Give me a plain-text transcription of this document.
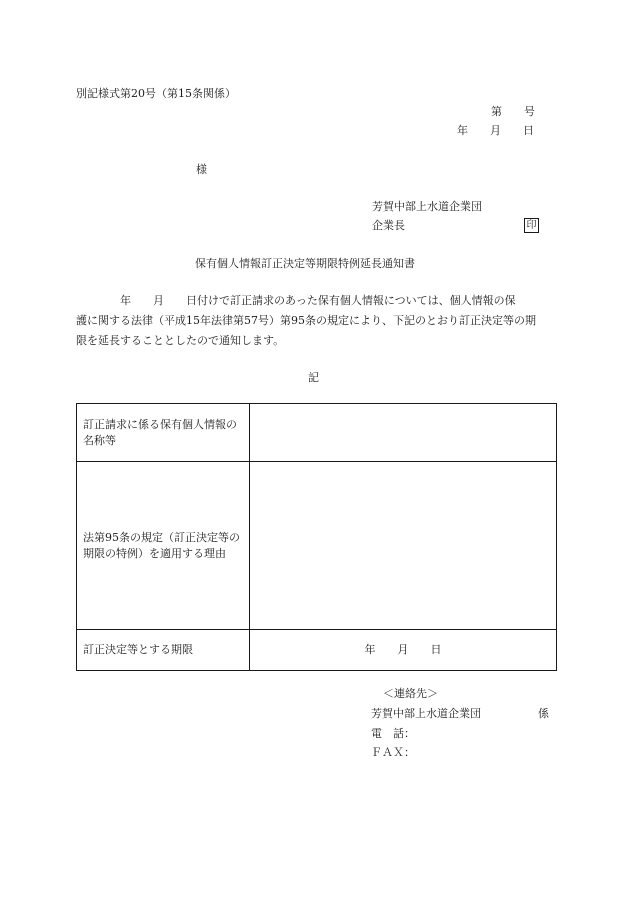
別記様式第20号（第15条関係）
第　　号
年　　月　　日
様
芳賀中部上水道企業団
企業長	印
保有個人情報訂正決定等期限特例延長通知書
　　　　年　　月　　日付けで訂正請求のあった保有個人情報については、個人情報の保
護に関する法律（平成15年法律第57号）第95条の規定により、下記のとおり訂正決定等の期
限を延長することとしたので通知します。
記
訂正請求に係る保有個人情報の名称等	
法第95条の規定（訂正決定等の期限の特例）を適用する理由	
訂正決定等とする期限	年　　月　　日
＜連絡先＞
芳賀中部上水道企業団	係
電　話：
ＦＡＸ：
